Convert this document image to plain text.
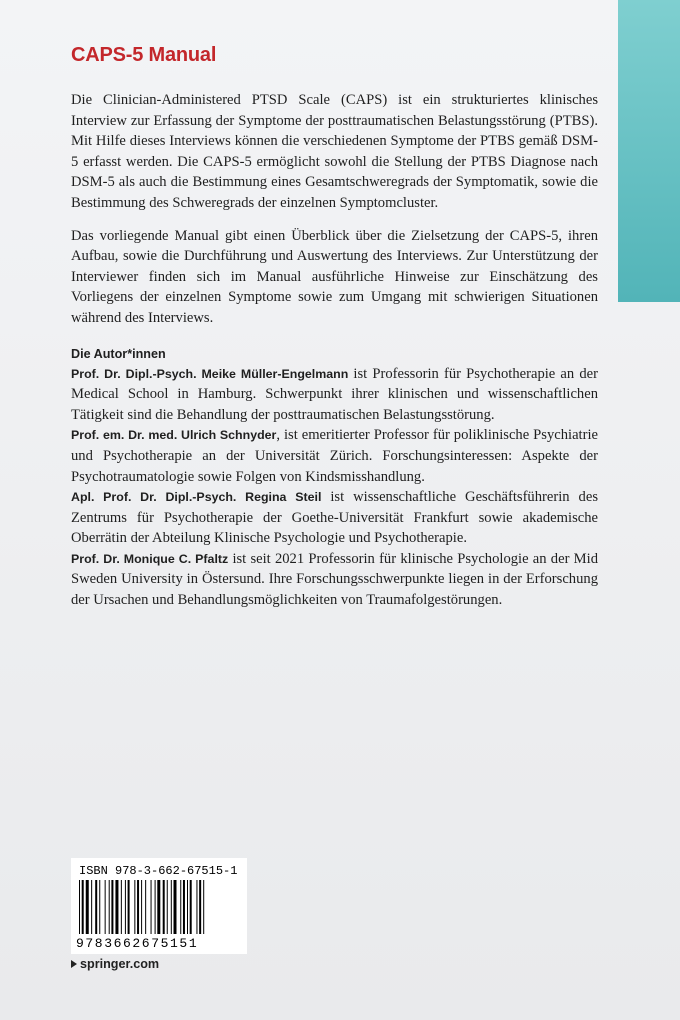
CAPS-5 Manual

Die Clinician-Administered PTSD Scale (CAPS) ist ein strukturiertes klinisches Interview zur Erfassung der Symptome der posttraumatischen Belastungsstörung (PTBS). Mit Hilfe dieses Interviews können die verschiedenen Symptome der PTBS gemäß DSM-5 erfasst werden. Die CAPS-5 ermöglicht sowohl die Stellung der PTBS Diagnose nach DSM-5 als auch die Bestimmung eines Gesamtschweregrads der Symptomatik, sowie die Bestimmung des Schweregrads der einzelnen Symptomcluster.

Das vorliegende Manual gibt einen Überblick über die Zielsetzung der CAPS-5, ihren Aufbau, sowie die Durchführung und Auswertung des Interviews. Zur Unterstützung der Interviewer finden sich im Manual ausführliche Hinweise zur Einschätzung des Vorliegens der einzelnen Symptome sowie zum Umgang mit schwierigen Situationen während des Interviews.

Die Autor*innen

Prof. Dr. Dipl.-Psych. Meike Müller-Engelmann ist Professorin für Psychotherapie an der Medical School in Hamburg. Schwerpunkt ihrer klinischen und wissenschaftlichen Tätigkeit sind die Behandlung der posttraumatischen Belastungsstörung.

Prof. em. Dr. med. Ulrich Schnyder, ist emeritierter Professor für poliklinische Psychiatrie und Psychotherapie an der Universität Zürich. Forschungsinteressen: Aspekte der Psychotraumatologie sowie Folgen von Kindsmisshandlung.

Apl. Prof. Dr. Dipl.-Psych. Regina Steil ist wissenschaftliche Geschäftsführerin des Zentrums für Psychotherapie der Goethe-Universität Frankfurt sowie akademische Oberrätin der Abteilung Klinische Psychologie und Psychotherapie.

Prof. Dr. Monique C. Pfaltz ist seit 2021 Professorin für klinische Psychologie an der Mid Sweden University in Östersund. Ihre Forschungsschwerpunkte liegen in der Erforschung der Ursachen und Behandlungsmöglichkeiten von Traumafolgestörungen.

ISBN 978-3-662-67515-1
9783662675151
springer.com
